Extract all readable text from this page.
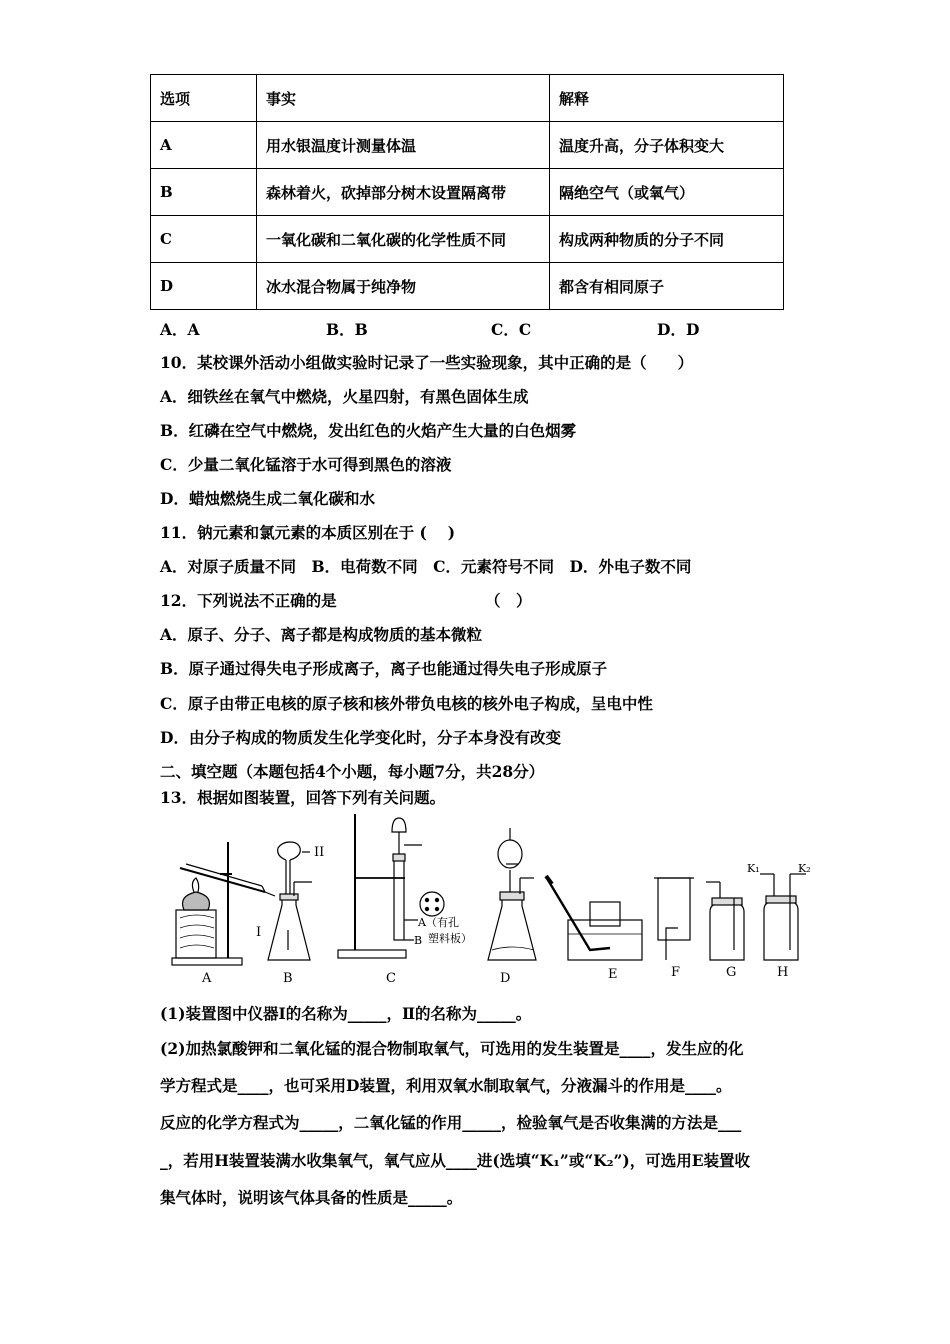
选项	事实	解释
A	用水银温度计测量体温	温度升高，分子体积变大
B	森林着火，砍掉部分树木设置隔离带	隔绝空气（或氧气）
C	一氧化碳和二氧化碳的化学性质不同	构成两种物质的分子不同
D	冰水混合物属于纯净物	都含有相同原子
A．A	B．B	C．C	D．D
10．某校课外活动小组做实验时记录了一些实验现象，其中正确的是（　　）
A．细铁丝在氧气中燃烧，火星四射，有黑色固体生成
B．红磷在空气中燃烧，发出红色的火焰产生大量的白色烟雾
C．少量二氧化锰溶于水可得到黑色的溶液
D．蜡烛燃烧生成二氧化碳和水
11．钠元素和氯元素的本质区别在于 (　 )
A．对原子质量不同　B．电荷数不同　C．元素符号不同　D．外电子数不同
12．下列说法不正确的是	（　）
A．原子、分子、离子都是构成物质的基本微粒
B．原子通过得失电子形成离子，离子也能通过得失电子形成原子
C．原子由带正电核的原子核和核外带负电核的核外电子构成，呈电中性
D．由分子构成的物质发生化学变化时，分子本身没有改变
二、填空题（本题包括4个小题，每小题7分，共28分）
13．根据如图装置，回答下列有关问题。
A	B	C	D	E	F	G	H
I
II
A（有孔
塑料板）
B
K₁	K₂
(1)装置图中仪器Ⅰ的名称为_____，Ⅱ的名称为_____。
(2)加热氯酸钾和二氧化锰的混合物制取氧气，可选用的发生装置是____，发生应的化
学方程式是____，也可采用D装置，利用双氧水制取氧气，分液漏斗的作用是____。
反应的化学方程式为_____，二氧化锰的作用_____，检验氧气是否收集满的方法是___
_，若用H装置装满水收集氧气，氧气应从____进(选填“K₁”或“K₂”)，可选用E装置收
集气体时，说明该气体具备的性质是_____。
